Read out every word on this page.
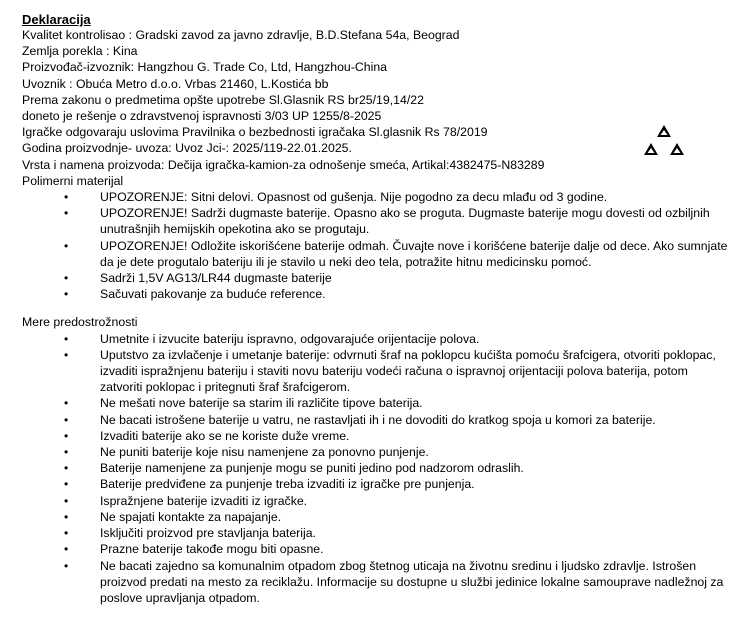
Deklaracija
Kvalitet kontrolisao : Gradski zavod za javno zdravlje, B.D.Stefana 54a, Beograd
Zemlja porekla : Kina
Proizvođač-izvoznik: Hangzhou G. Trade Co, Ltd, Hangzhou-China
Uvoznik : Obuća Metro d.o.o. Vrbas 21460, L.Kostića bb
Prema zakonu o predmetima opšte upotrebe Sl.Glasnik RS br25/19,14/22
doneto je rešenje o zdravstvenoj ispravnosti 3/03 UP 1255/8-2025
Igračke odgovaraju uslovima Pravilnika o bezbednosti igračaka Sl.glasnik Rs 78/2019
Godina proizvodnje- uvoza: Uvoz Jci-: 2025/119-22.01.2025.
Vrsta i namena proizvoda: Dečija igračka-kamion-za odnošenje smeća, Artikal:4382475-N83289
Polimerni materijal
•	UPOZORENJE: Sitni delovi. Opasnost od gušenja. Nije pogodno za decu mlađu od 3 godine.
•	UPOZORENJE! Sadrži dugmaste baterije. Opasno ako se proguta. Dugmaste baterije mogu dovesti od ozbiljnih unutrašnjih hemijskih opekotina ako se progutaju.
•	UPOZORENJE! Odložite iskorišćene baterije odmah. Čuvajte nove i korišćene baterije dalje od dece. Ako sumnjate da je dete progutalo bateriju ili je stavilo u neki deo tela, potražite hitnu medicinsku pomoć.
•	Sadrži 1,5V AG13/LR44 dugmaste baterije
•	Sačuvati pakovanje za buduće reference.
Mere predostrožnosti
•	Umetnite i izvucite bateriju ispravno, odgovarajuće orijentacije polova.
•	Uputstvo za izvlačenje i umetanje baterije: odvrnuti šraf na poklopcu kućišta pomoću šrafcigera, otvoriti poklopac, izvaditi ispražnjenu bateriju i staviti novu bateriju vodeći računa o ispravnoj orijentaciji polova baterija, potom zatvoriti poklopac i pritegnuti šraf šrafcigerom.
•	Ne mešati nove baterije sa starim ili različite tipove baterija.
•	Ne bacati istrošene baterije u vatru, ne rastavljati ih i ne dovoditi do kratkog spoja u komori za baterije.
•	Izvaditi baterije ako se ne koriste duže vreme.
•	Ne puniti baterije koje nisu namenjene za ponovno punjenje.
•	Baterije namenjene za punjenje mogu se puniti jedino pod nadzorom odraslih.
•	Baterije predviđene za punjenje treba izvaditi iz igračke pre punjenja.
•	Ispražnjene baterije izvaditi iz igračke.
•	Ne spajati kontakte za napajanje.
•	Isključiti proizvod pre stavljanja baterija.
•	Prazne baterije takođe mogu biti opasne.
•	Ne bacati zajedno sa komunalnim otpadom zbog štetnog uticaja na životnu sredinu i ljudsko zdravlje. Istrošen proizvod predati na mesto za reciklažu. Informacije su dostupne u službi jedinice lokalne samouprave nadležnoj za poslove upravljanja otpadom.
